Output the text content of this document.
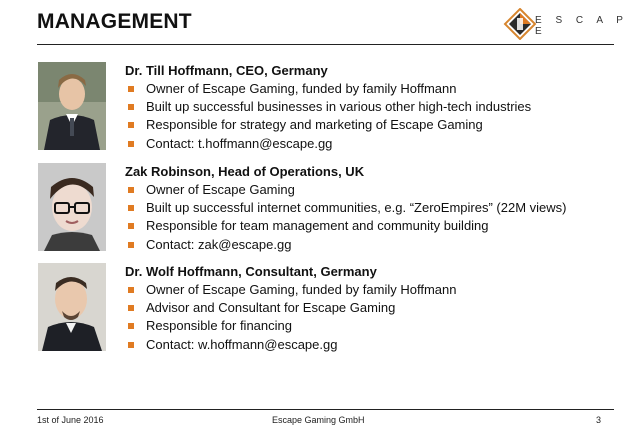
MANAGEMENT	E S C A P E
Dr. Till Hoffmann, CEO, Germany
Owner of Escape Gaming, funded by family Hoffmann
Built up successful businesses in various other high-tech industries
Responsible for strategy and marketing of Escape Gaming
Contact: t.hoffmann@escape.gg
Zak Robinson, Head of Operations, UK
Owner of Escape Gaming
Built up successful internet communities, e.g. “ZeroEmpires” (22M views)
Responsible for team management and community building
Contact: zak@escape.gg
Dr. Wolf Hoffmann, Consultant, Germany
Owner of Escape Gaming, funded by family Hoffmann
Advisor and Consultant for Escape Gaming
Responsible for financing
Contact: w.hoffmann@escape.gg
1st of June 2016	Escape Gaming GmbH	3
